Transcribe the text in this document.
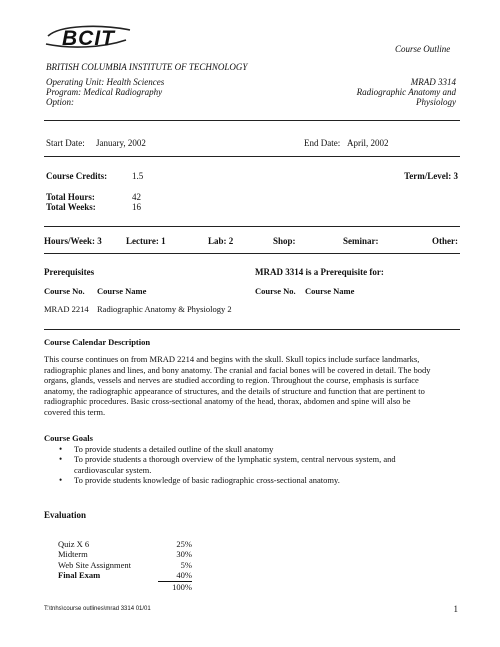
BCIT	Course Outline
BRITISH COLUMBIA INSTITUTE OF TECHNOLOGY
Operating Unit: Health Sciences
Program: Medical Radiography
Option:
MRAD 3314
Radiographic Anatomy and
Physiology
Start Date: January, 2002	End Date: April, 2002
Course Credits:	1.5	Term/Level: 3
Total Hours:	42
Total Weeks:	16
Hours/Week: 3	Lecture: 1	Lab: 2	Shop:	Seminar:	Other:
Prerequisites	MRAD 3314 is a Prerequisite for:
Course No. Course Name	Course No. Course Name
MRAD 2214 Radiographic Anatomy & Physiology 2
Course Calendar Description
This course continues on from MRAD 2214 and begins with the skull. Skull topics include surface landmarks,
radiographic planes and lines, and bony anatomy. The cranial and facial bones will be covered in detail. The body
organs, glands, vessels and nerves are studied according to region. Throughout the course, emphasis is surface
anatomy, the radiographic appearance of structures, and the details of structure and function that are pertinent to
radiographic procedures. Basic cross-sectional anatomy of the head, thorax, abdomen and spine will also be
covered this term.
Course Goals
• To provide students a detailed outline of the skull anatomy
• To provide students a thorough overview of the lymphatic system, central nervous system, and
cardiovascular system.
• To provide students knowledge of basic radiographic cross-sectional anatomy.
Evaluation
Quiz X 6	25%
Midterm	30%
Web Site Assignment	5%
Final Exam	40%
	100%
T:\tnhs\course outlines\mrad 3314 01/01	1
